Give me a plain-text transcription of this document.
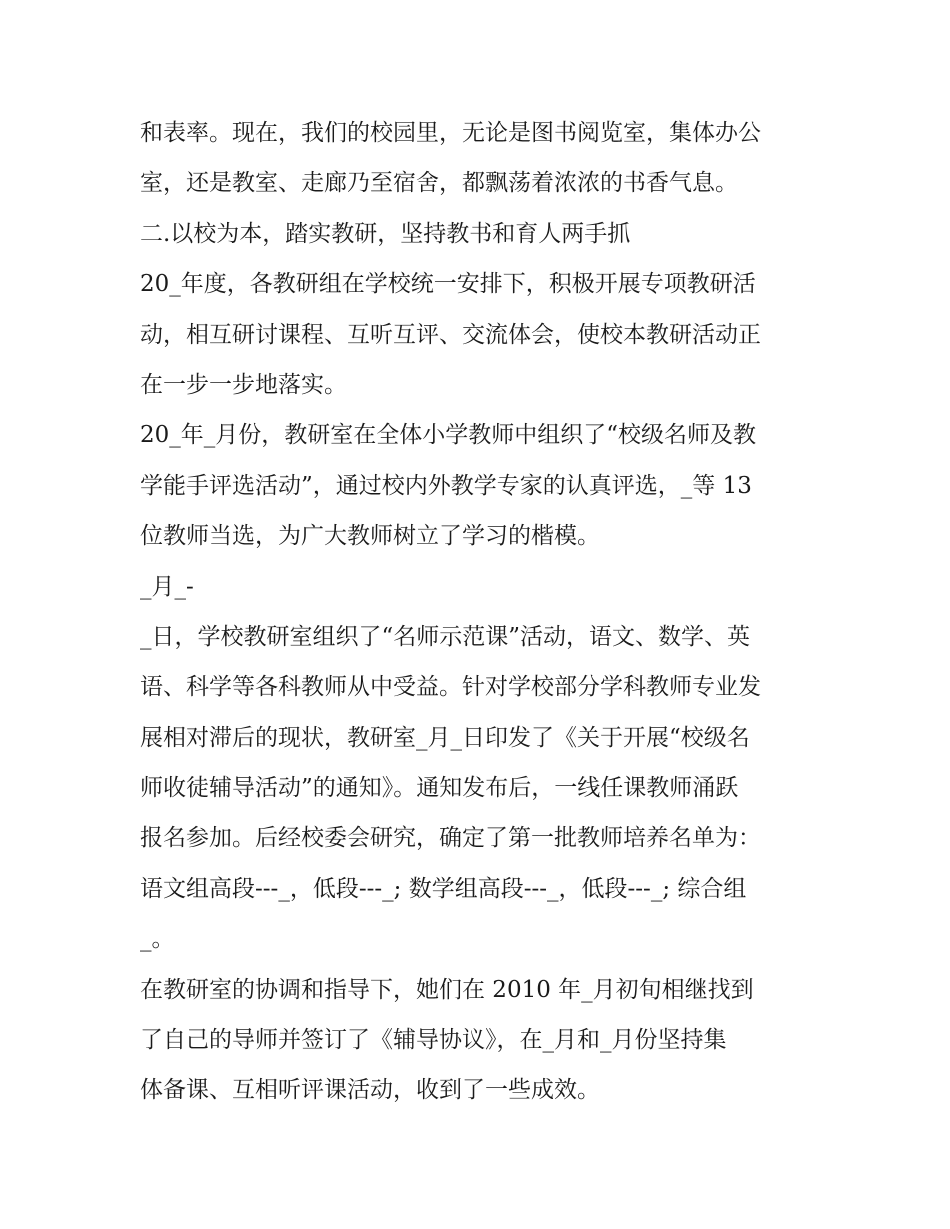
和表率。现在，我们的校园里，无论是图书阅览室，集体办公
室，还是教室、走廊乃至宿舍，都飘荡着浓浓的书香气息。
二.以校为本，踏实教研，坚持教书和育人两手抓
20_年度，各教研组在学校统一安排下，积极开展专项教研活
动，相互研讨课程、互听互评、交流体会，使校本教研活动正
在一步一步地落实。
20_年_月份，教研室在全体小学教师中组织了“校级名师及教
学能手评选活动”，通过校内外教学专家的认真评选，_等 13
位教师当选，为广大教师树立了学习的楷模。
_月_-
_日，学校教研室组织了“名师示范课”活动，语文、数学、英
语、科学等各科教师从中受益。针对学校部分学科教师专业发
展相对滞后的现状，教研室_月_日印发了《关于开展“校级名
师收徒辅导活动”的通知》。通知发布后，一线任课教师涌跃
报名参加。后经校委会研究，确定了第一批教师培养名单为：
语文组高段---_，低段---_; 数学组高段---_，低段---_; 综合组
_。
在教研室的协调和指导下，她们在 2010 年_月初旬相继找到
了自己的导师并签订了《辅导协议》，在_月和_月份坚持集
体备课、互相听评课活动，收到了一些成效。
